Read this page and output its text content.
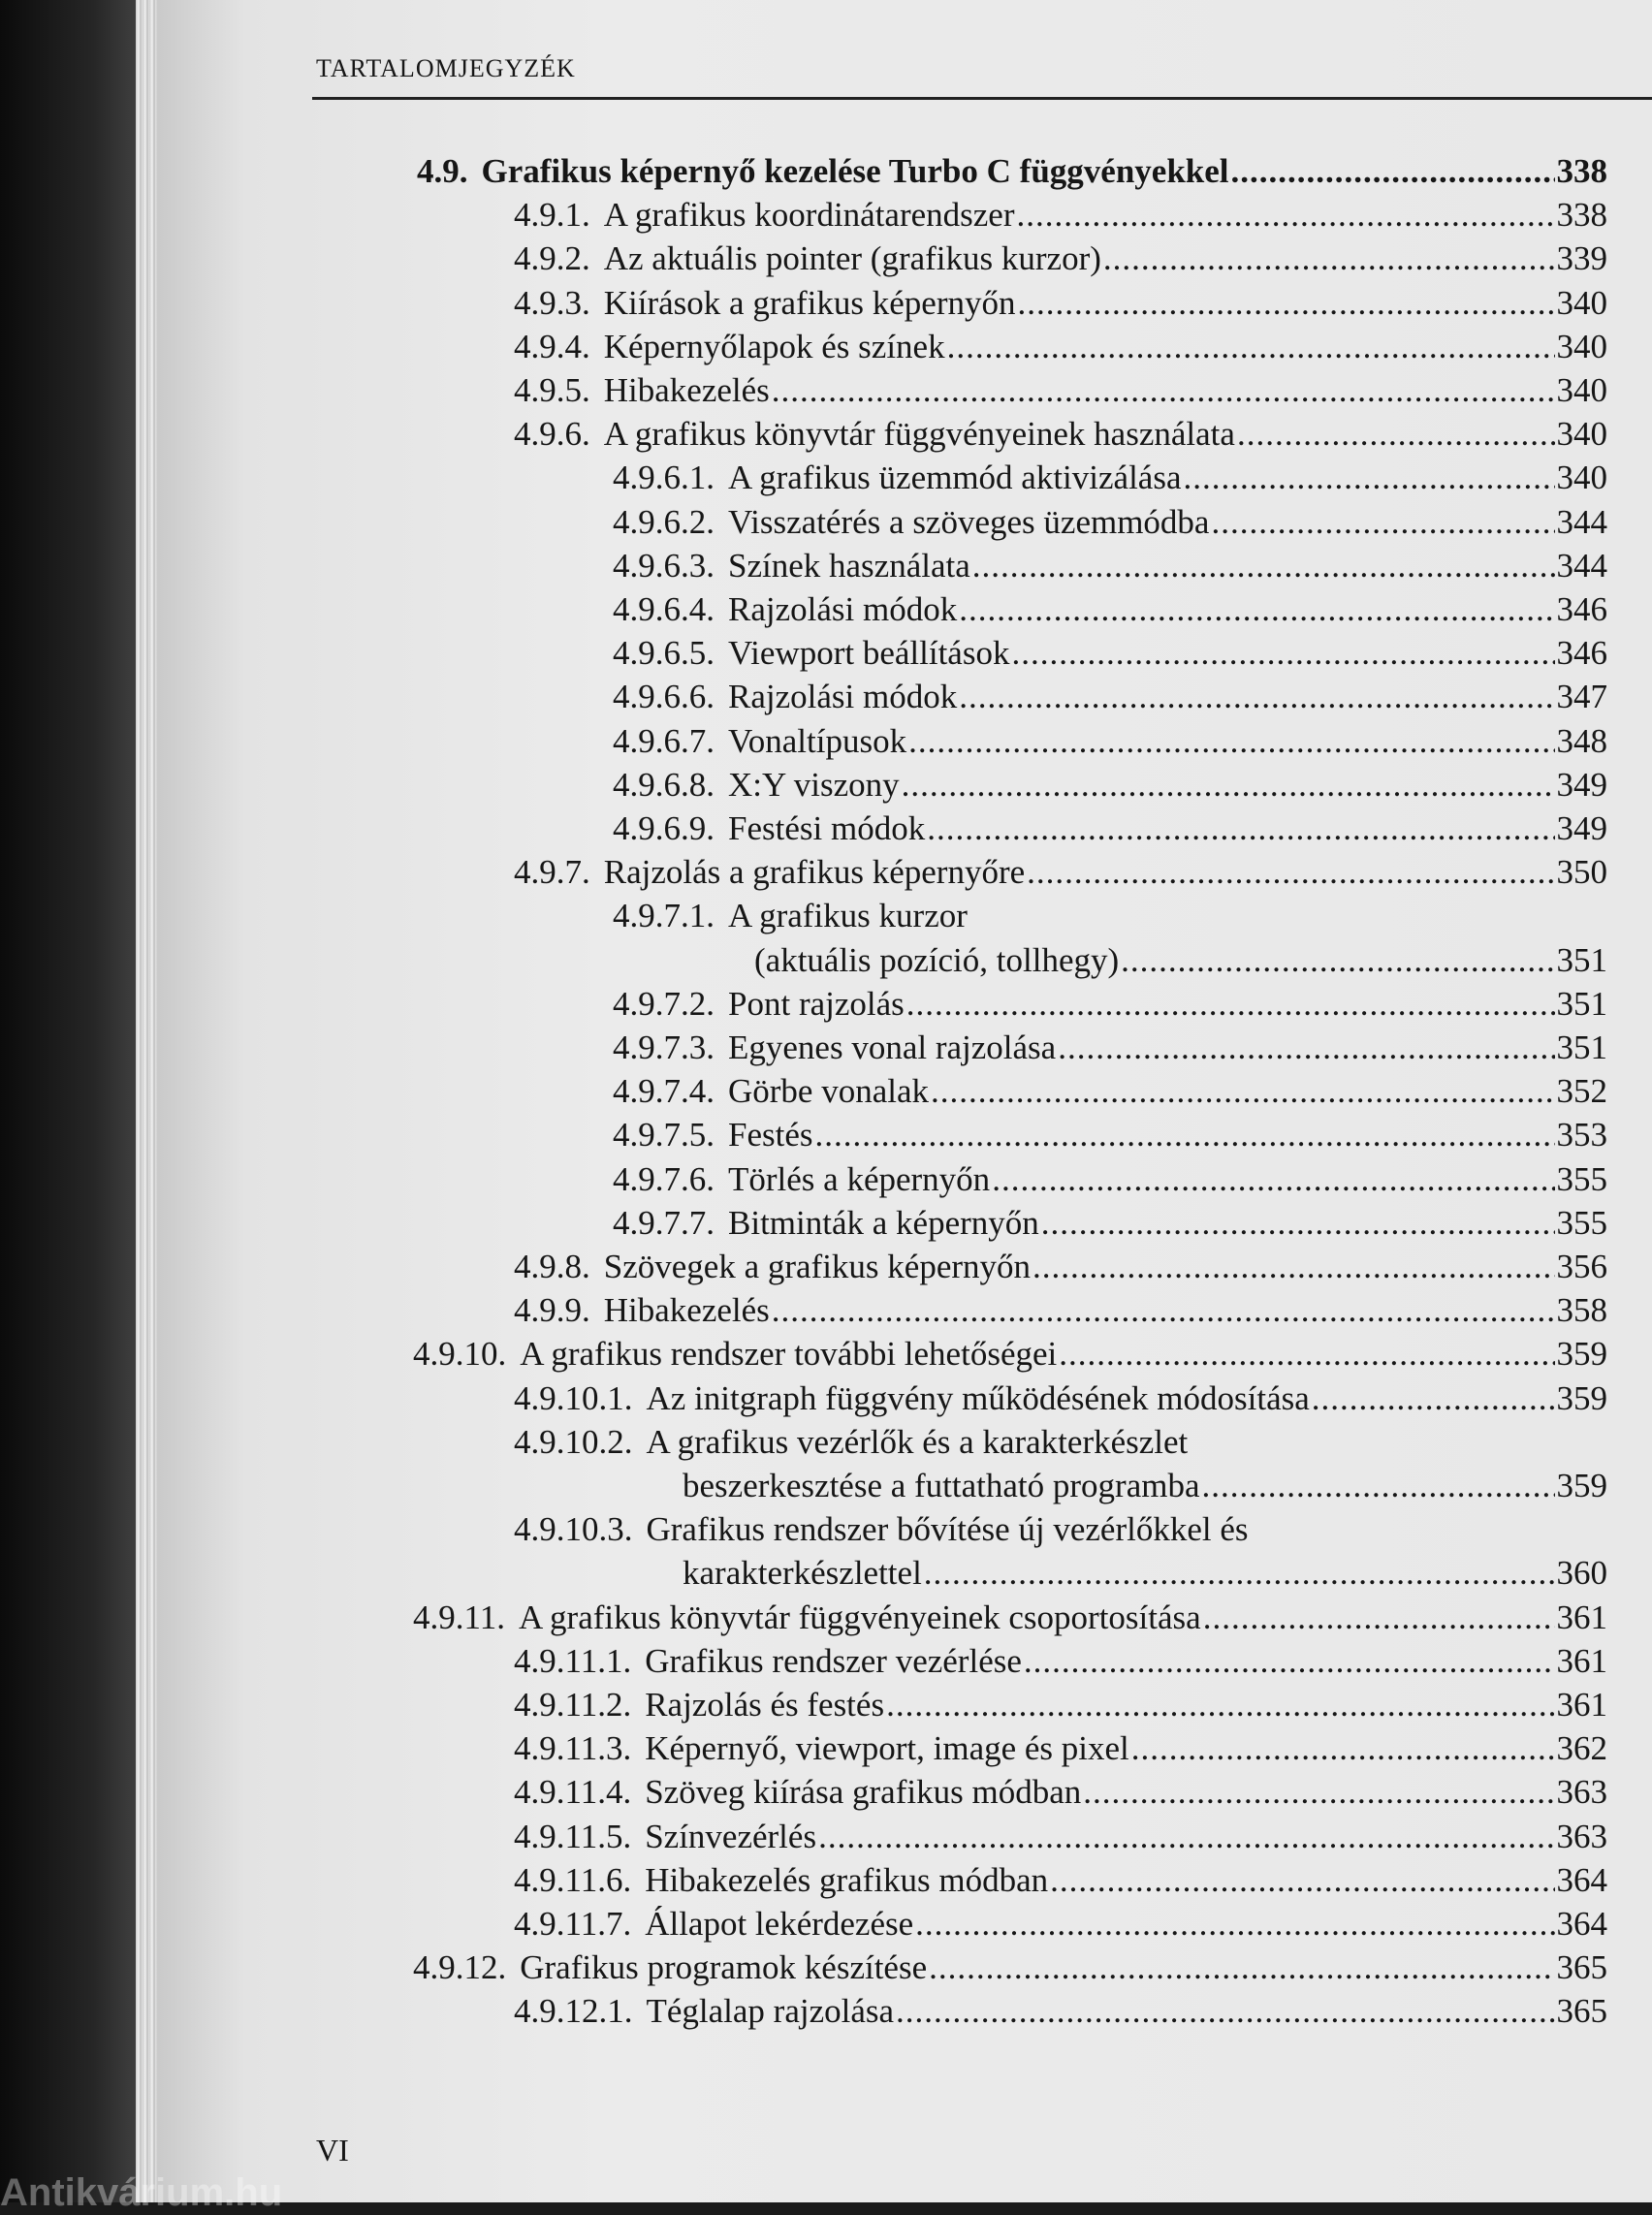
TARTALOMJEGYZÉK
4.9. Grafikus képernyő kezelése Turbo C függvényekkel .....	338
4.9.1. A grafikus koordinátarendszer .....	338
4.9.2. Az aktuális pointer (grafikus kurzor) .....	339
4.9.3. Kiírások a grafikus képernyőn .....	340
4.9.4. Képernyőlapok és színek .....	340
4.9.5. Hibakezelés .....	340
4.9.6. A grafikus könyvtár függvényeinek használata .....	340
4.9.6.1. A grafikus üzemmód aktivizálása .....	340
4.9.6.2. Visszatérés a szöveges üzemmódba .....	344
4.9.6.3. Színek használata .....	344
4.9.6.4. Rajzolási módok .....	346
4.9.6.5. Viewport beállítások .....	346
4.9.6.6. Rajzolási módok .....	347
4.9.6.7. Vonaltípusok .....	348
4.9.6.8. X:Y viszony .....	349
4.9.6.9. Festési módok .....	349
4.9.7. Rajzolás a grafikus képernyőre .....	350
4.9.7.1. A grafikus kurzor
(aktuális pozíció, tollhegy) .....	351
4.9.7.2. Pont rajzolás .....	351
4.9.7.3. Egyenes vonal rajzolása .....	351
4.9.7.4. Görbe vonalak .....	352
4.9.7.5. Festés .....	353
4.9.7.6. Törlés a képernyőn .....	355
4.9.7.7. Bitminták a képernyőn .....	355
4.9.8. Szövegek a grafikus képernyőn .....	356
4.9.9. Hibakezelés .....	358
4.9.10. A grafikus rendszer további lehetőségei .....	359
4.9.10.1. Az initgraph függvény működésének módosítása .....	359
4.9.10.2. A grafikus vezérlők és a karakterkészlet
beszerkesztése a futtatható programba .....	359
4.9.10.3. Grafikus rendszer bővítése új vezérlőkkel és
karakterkészlettel .....	360
4.9.11. A grafikus könyvtár függvényeinek csoportosítása .....	361
4.9.11.1. Grafikus rendszer vezérlése .....	361
4.9.11.2. Rajzolás és festés .....	361
4.9.11.3. Képernyő, viewport, image és pixel .....	362
4.9.11.4. Szöveg kiírása grafikus módban .....	363
4.9.11.5. Színvezérlés .....	363
4.9.11.6. Hibakezelés grafikus módban .....	364
4.9.11.7. Állapot lekérdezése .....	364
4.9.12. Grafikus programok készítése .....	365
4.9.12.1. Téglalap rajzolása .....	365
VI
Antikvárium.hu
